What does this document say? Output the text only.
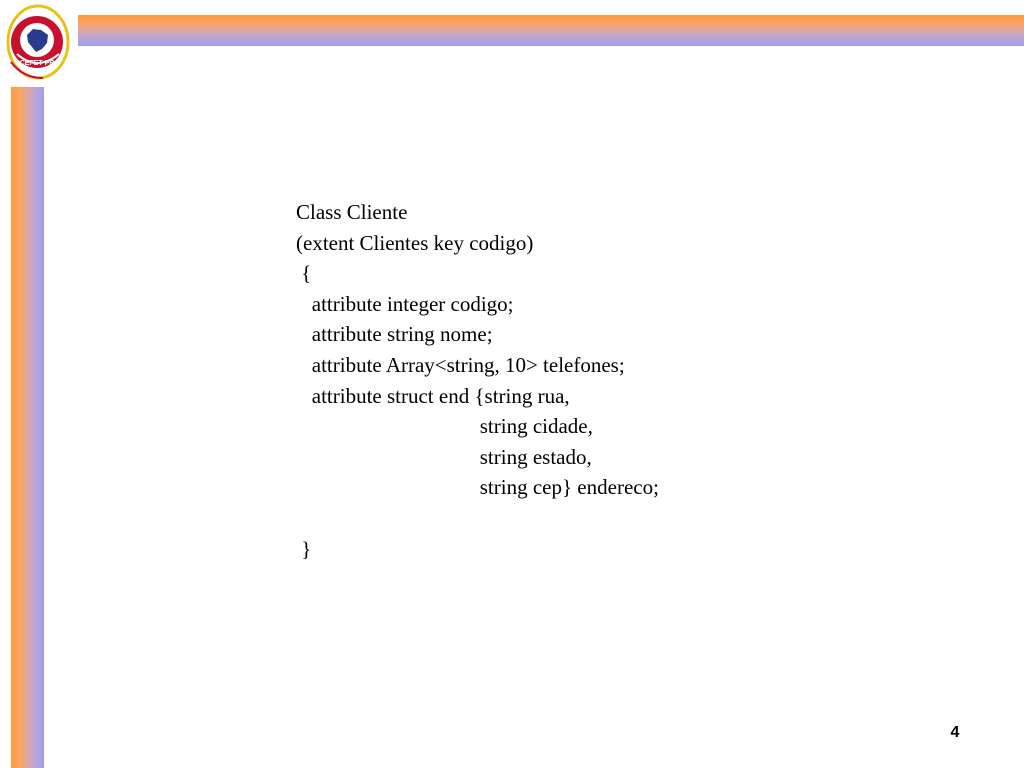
CEFET PR
Class Cliente
(extent Clientes key codigo)
{
attribute integer codigo;
attribute string nome;
attribute Array<string, 10> telefones;
attribute struct end {string rua,
string cidade,
string estado,
string cep} endereco;
}
4
